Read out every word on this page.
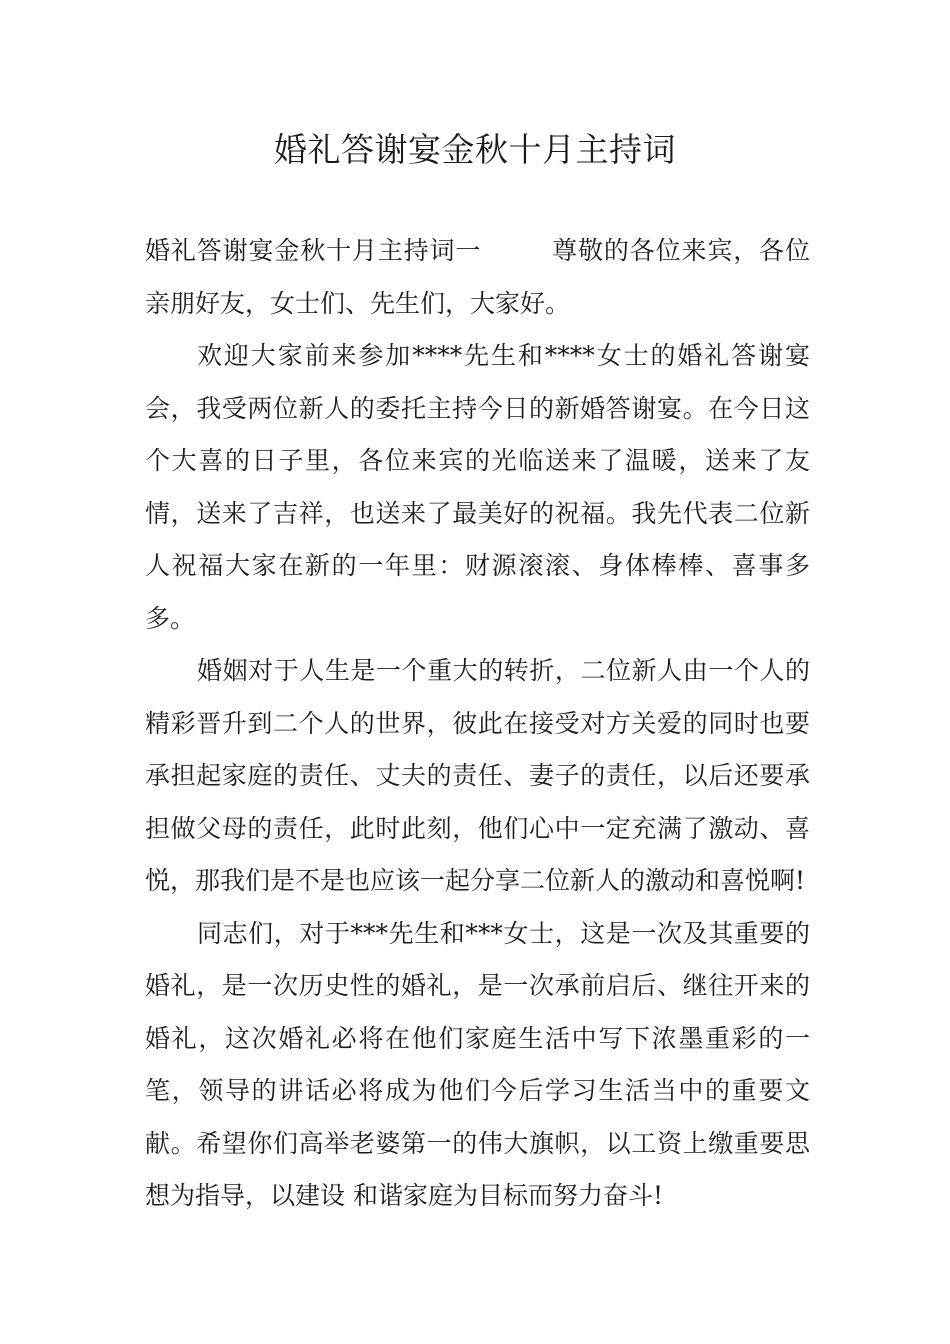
婚礼答谢宴金秋十月主持词

婚礼答谢宴金秋十月主持词一	尊敬的各位来宾，各位亲朋好友，女士们、先生们，大家好。

欢迎大家前来参加****先生和****女士的婚礼答谢宴会，我受两位新人的委托主持今日的新婚答谢宴。在今日这个大喜的日子里，各位来宾的光临送来了温暖，送来了友情，送来了吉祥，也送来了最美好的祝福。我先代表二位新人祝福大家在新的一年里：财源滚滚、身体棒棒、喜事多多。

婚姻对于人生是一个重大的转折，二位新人由一个人的精彩晋升到二个人的世界，彼此在接受对方关爱的同时也要承担起家庭的责任、丈夫的责任、妻子的责任，以后还要承担做父母的责任，此时此刻，他们心中一定充满了激动、喜悦，那我们是不是也应该一起分享二位新人的激动和喜悦啊!

同志们，对于***先生和***女士，这是一次及其重要的婚礼，是一次历史性的婚礼，是一次承前启后、继往开来的婚礼，这次婚礼必将在他们家庭生活中写下浓墨重彩的一笔，领导的讲话必将成为他们今后学习生活当中的重要文献。希望你们高举老婆第一的伟大旗帜，以工资上缴重要思想为指导，以建设 和谐家庭为目标而努力奋斗!
